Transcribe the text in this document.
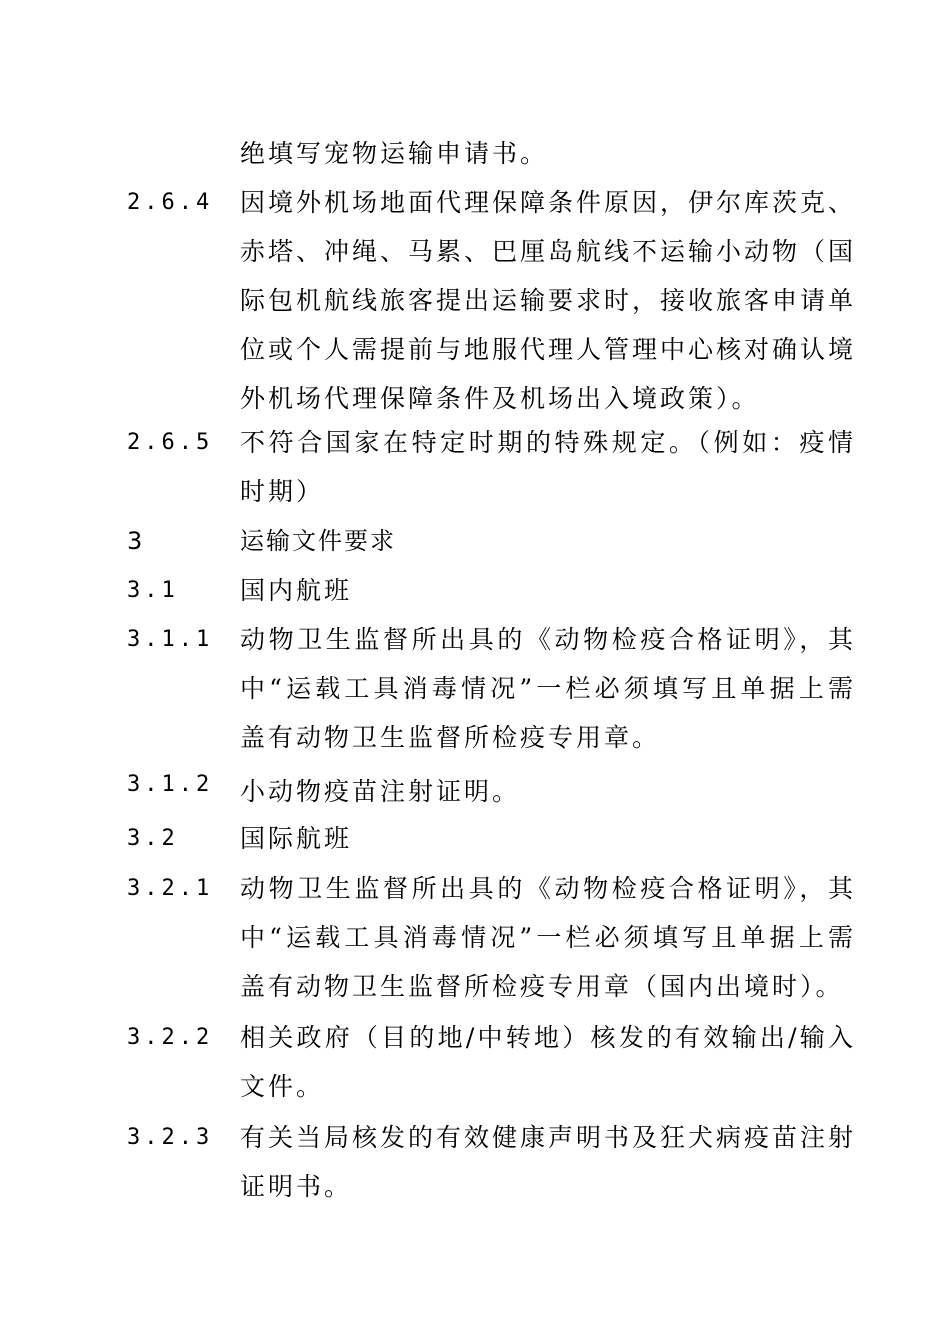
绝填写宠物运输申请书。
2.6.4 因境外机场地面代理保障条件原因，伊尔库茨克、赤塔、冲绳、马累、巴厘岛航线不运输小动物（国际包机航线旅客提出运输要求时，接收旅客申请单位或个人需提前与地服代理人管理中心核对确认境外机场代理保障条件及机场出入境政策）。
2.6.5 不符合国家在特定时期的特殊规定。（例如：疫情时期）
3	运输文件要求
3.1 国内航班
3.1.1 动物卫生监督所出具的《动物检疫合格证明》，其中“运载工具消毒情况”一栏必须填写且单据上需盖有动物卫生监督所检疫专用章。
3.1.2 小动物疫苗注射证明。
3.2 国际航班
3.2.1 动物卫生监督所出具的《动物检疫合格证明》，其中“运载工具消毒情况”一栏必须填写且单据上需盖有动物卫生监督所检疫专用章（国内出境时）。
3.2.2 相关政府（目的地/中转地）核发的有效输出/输入文件。
3.2.3 有关当局核发的有效健康声明书及狂犬病疫苗注射证明书。
